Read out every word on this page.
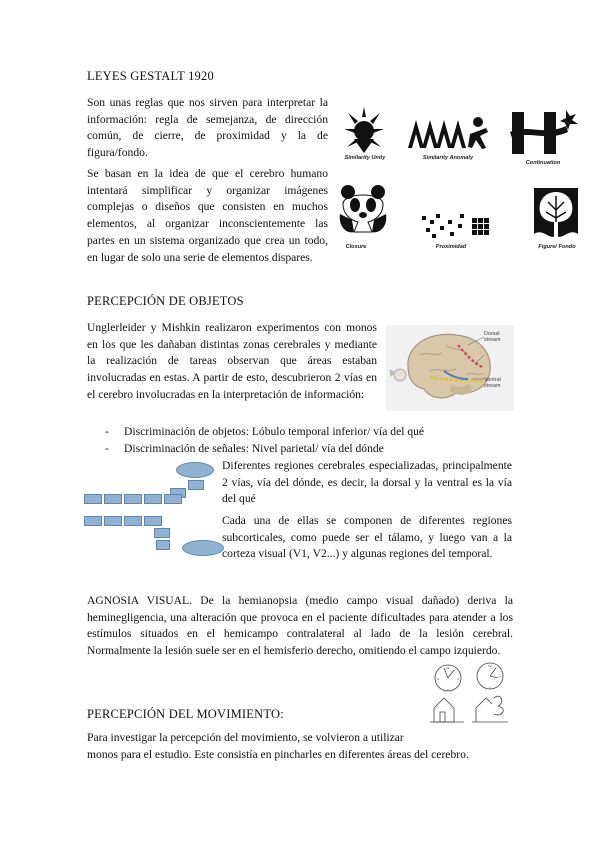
LEYES GESTALT 1920

Son unas reglas que nos sirven para interpretar la información: regla de semejanza, de dirección común, de cierre, de proximidad y la de figura/fondo.

Se basan en la idea de que el cerebro humano intentará simplificar y organizar imágenes complejas o diseños que consisten en muchos elementos, al organizar inconscientemente las partes en un sistema organizado que crea un todo, en lugar de solo una serie de elementos dispares.

Similarity Unity	Similarity Anomaly
Continuation
Closure	Proximidad	Figure/ Fondo
PERCEPCIÓN DE OBJETOS

Unglerleider y Mishkin realizaron experimentos con monos en los que les dañaban distintas zonas cerebrales y mediante la realización de tareas observan que áreas estaban involucradas en estas. A partir de esto, descubrieron 2 vías en el cerebro involucradas en la interpretación de información:

Dorsal stream
Ventral stream
- Discriminación de objetos: Lóbulo temporal inferior/ vía del qué
- Discriminación de señales: Nivel parietal/ vía del dónde

Diferentes regiones cerebrales especializadas, principalmente 2 vías, vía del dónde, es decir, la dorsal y la ventral es la vía del qué

Cada una de ellas se componen de diferentes regiones subcorticales, como puede ser el tálamo, y luego van a la corteza visual (V1, V2...) y algunas regiones del temporal.

AGNOSIA VISUAL. De la hemianopsia (medio campo visual dañado) deriva la heminegligencia, una alteración que provoca en el paciente dificultades para atender a los estímulos situados en el hemicampo contralateral al lado de la lesión cerebral. Normalmente la lesión suele ser en el hemisferio derecho, omitiendo el campo izquierdo.

12
3
6
9
12
3
6
PERCEPCIÓN DEL MOVIMIENTO:

Para investigar la percepción del movimiento, se volvieron a utilizar

monos para el estudio. Este consistía en pincharles en diferentes áreas del cerebro.
